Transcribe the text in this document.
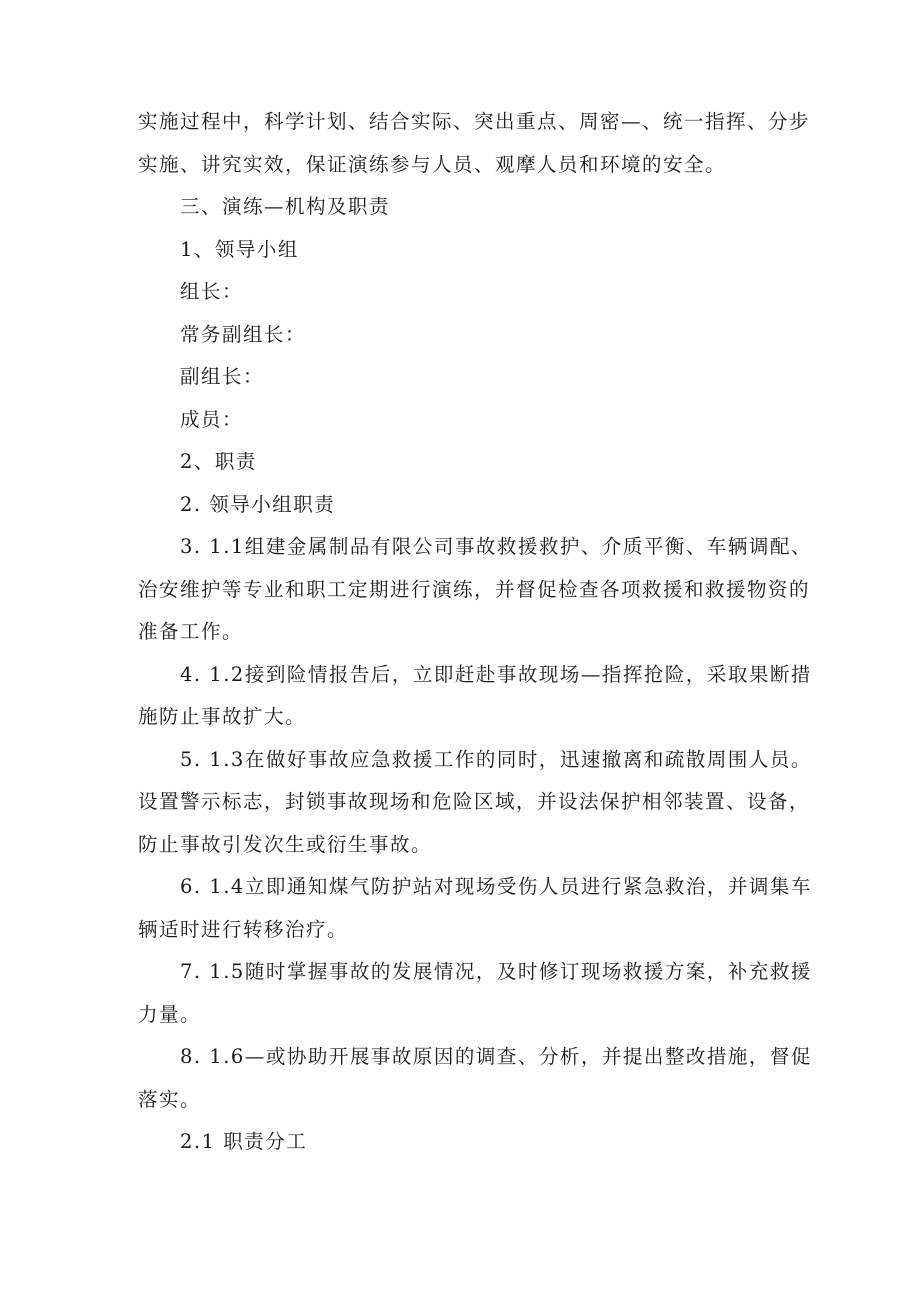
实施过程中，科学计划、结合实际、突出重点、周密—、统一指挥、分步

实施、讲究实效，保证演练参与人员、观摩人员和环境的安全。

三、演练—机构及职责

1、领导小组

组长：

常务副组长：

副组长：

成员：

2、职责

2. 领导小组职责

3. 1.1组建金属制品有限公司事故救援救护、介质平衡、车辆调配、

治安维护等专业和职工定期进行演练，并督促检查各项救援和救援物资的

准备工作。

4. 1.2接到险情报告后，立即赶赴事故现场—指挥抢险，采取果断措

施防止事故扩大。

5. 1.3在做好事故应急救援工作的同时，迅速撤离和疏散周围人员。

设置警示标志，封锁事故现场和危险区域，并设法保护相邻装置、设备，

防止事故引发次生或衍生事故。

6. 1.4立即通知煤气防护站对现场受伤人员进行紧急救治，并调集车

辆适时进行转移治疗。

7. 1.5随时掌握事故的发展情况，及时修订现场救援方案，补充救援

力量。

8. 1.6—或协助开展事故原因的调查、分析，并提出整改措施，督促

落实。

2.1 职责分工
